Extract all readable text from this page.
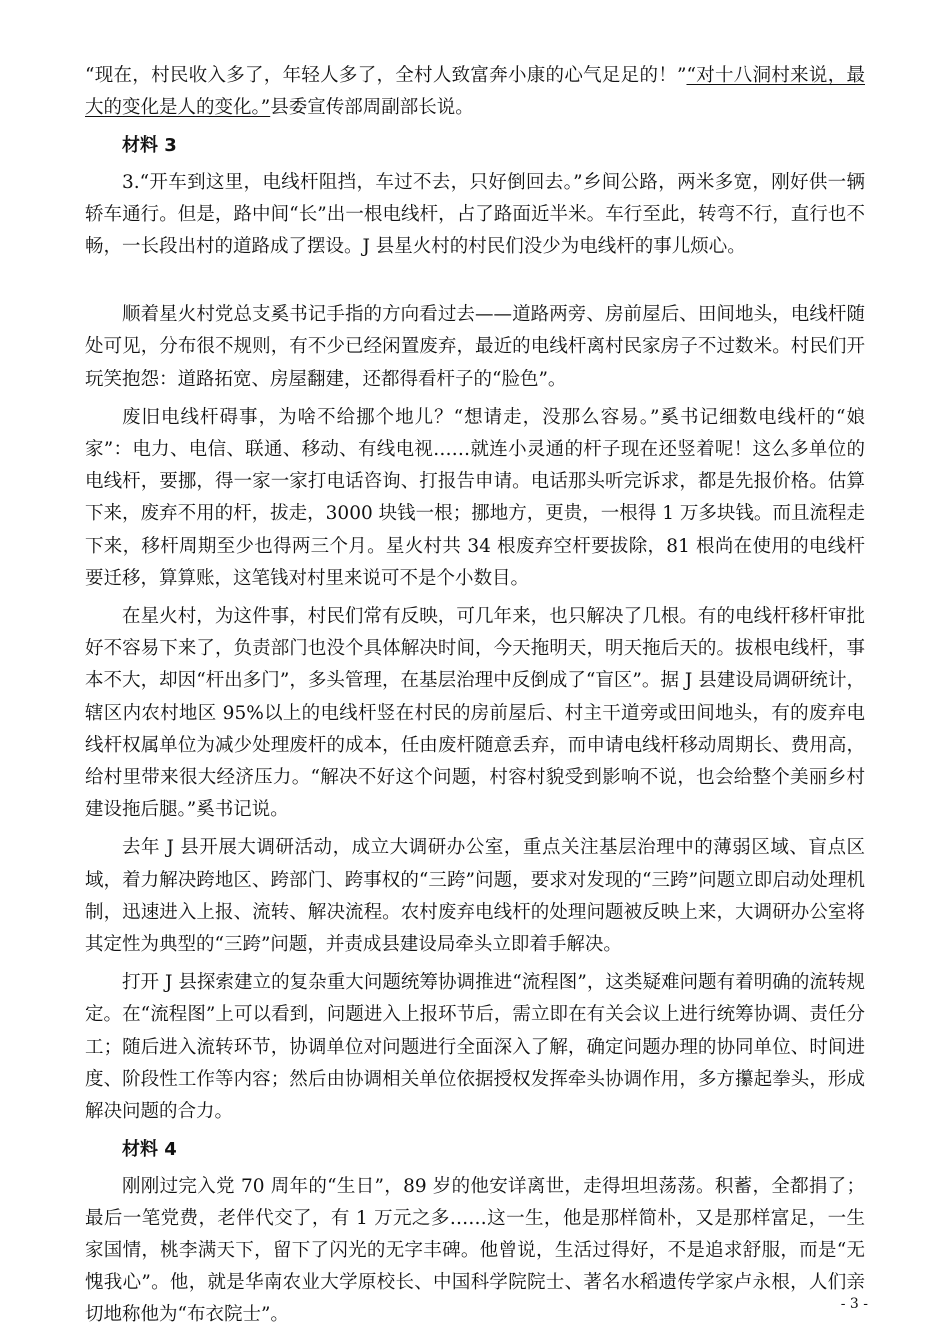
“现在，村民收入多了，年轻人多了，全村人致富奔小康的心气足足的！”“对十八洞村来说，最大的变化是人的变化。”县委宣传部周副部长说。

材料 3

3.“开车到这里，电线杆阻挡，车过不去，只好倒回去。”乡间公路，两米多宽，刚好供一辆轿车通行。但是，路中间“长”出一根电线杆，占了路面近半米。车行至此，转弯不行，直行也不畅，一长段出村的道路成了摆设。J 县星火村的村民们没少为电线杆的事儿烦心。

顺着星火村党总支奚书记手指的方向看过去——道路两旁、房前屋后、田间地头，电线杆随处可见，分布很不规则，有不少已经闲置废弃，最近的电线杆离村民家房子不过数米。村民们开玩笑抱怨：道路拓宽、房屋翻建，还都得看杆子的“脸色”。

废旧电线杆碍事，为啥不给挪个地儿？“想请走，没那么容易。”奚书记细数电线杆的“娘家”：电力、电信、联通、移动、有线电视……就连小灵通的杆子现在还竖着呢！这么多单位的电线杆，要挪，得一家一家打电话咨询、打报告申请。电话那头听完诉求，都是先报价格。估算下来，废弃不用的杆，拔走，3000 块钱一根；挪地方，更贵，一根得 1 万多块钱。而且流程走下来，移杆周期至少也得两三个月。星火村共 34 根废弃空杆要拔除，81 根尚在使用的电线杆要迁移，算算账，这笔钱对村里来说可不是个小数目。

在星火村，为这件事，村民们常有反映，可几年来，也只解决了几根。有的电线杆移杆审批好不容易下来了，负责部门也没个具体解决时间，今天拖明天，明天拖后天的。拔根电线杆，事本不大，却因“杆出多门”，多头管理，在基层治理中反倒成了“盲区”。据 J 县建设局调研统计，辖区内农村地区 95%以上的电线杆竖在村民的房前屋后、村主干道旁或田间地头，有的废弃电线杆权属单位为减少处理废杆的成本，任由废杆随意丢弃，而申请电线杆移动周期长、费用高，给村里带来很大经济压力。“解决不好这个问题，村容村貌受到影响不说，也会给整个美丽乡村建设拖后腿。”奚书记说。

去年 J 县开展大调研活动，成立大调研办公室，重点关注基层治理中的薄弱区域、盲点区域，着力解决跨地区、跨部门、跨事权的“三跨”问题，要求对发现的“三跨”问题立即启动处理机制，迅速进入上报、流转、解决流程。农村废弃电线杆的处理问题被反映上来，大调研办公室将其定性为典型的“三跨”问题，并责成县建设局牵头立即着手解决。

打开 J 县探索建立的复杂重大问题统筹协调推进“流程图”，这类疑难问题有着明确的流转规定。在“流程图”上可以看到，问题进入上报环节后，需立即在有关会议上进行统筹协调、责任分工；随后进入流转环节，协调单位对问题进行全面深入了解，确定问题办理的协同单位、时间进度、阶段性工作等内容；然后由协调相关单位依据授权发挥牵头协调作用，多方攥起拳头，形成解决问题的合力。

材料 4

刚刚过完入党 70 周年的“生日”，89 岁的他安详离世，走得坦坦荡荡。积蓄，全都捐了；最后一笔党费，老伴代交了，有 1 万元之多……这一生，他是那样简朴，又是那样富足，一生家国情，桃李满天下，留下了闪光的无字丰碑。他曾说，生活过得好，不是追求舒服，而是“无愧我心”。他，就是华南农业大学原校长、中国科学院院士、著名水稻遗传学家卢永根，人们亲切地称他为“布衣院士”。

- 3 -
